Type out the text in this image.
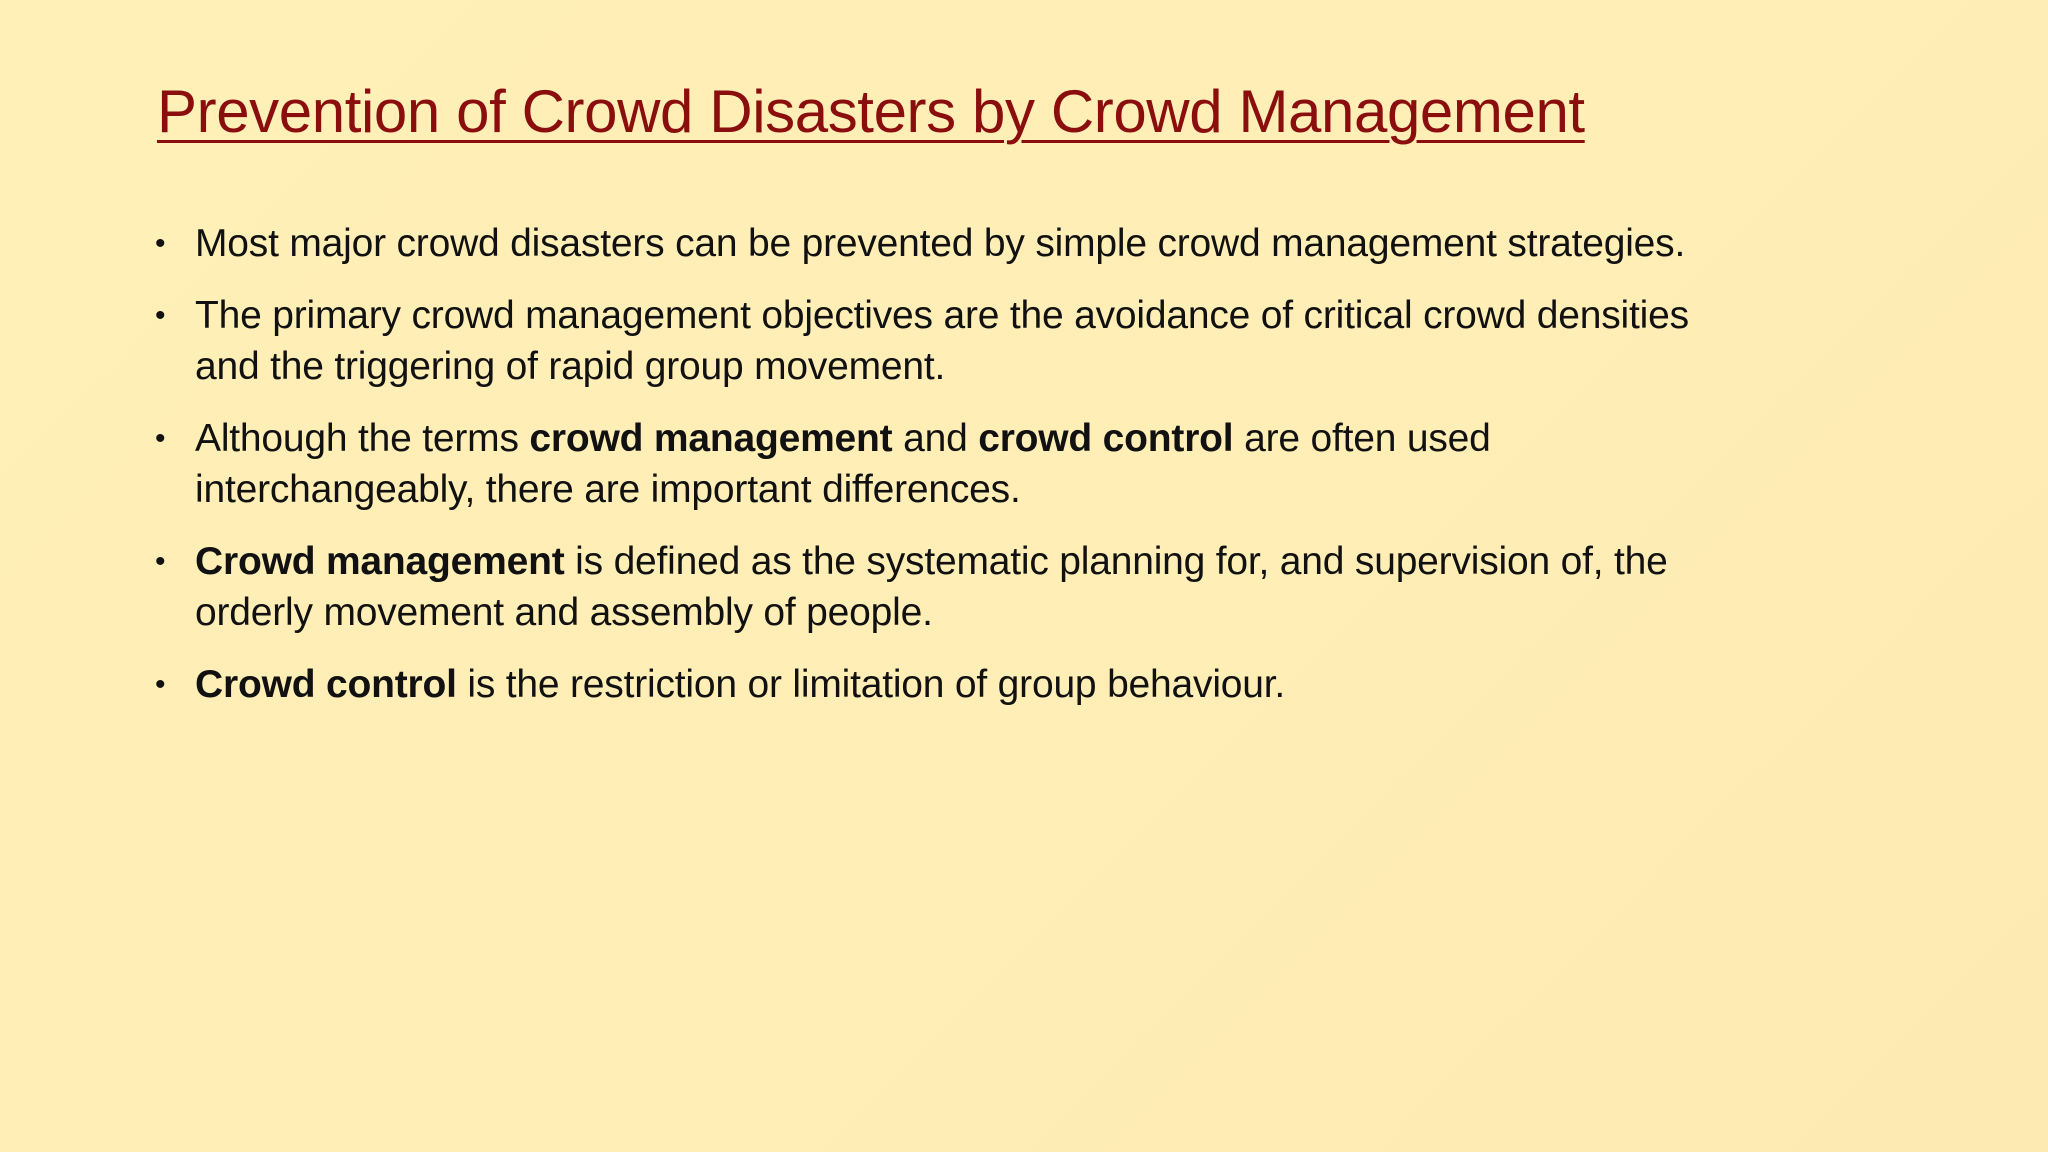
Prevention of Crowd Disasters by Crowd Management
• Most major crowd disasters can be prevented by simple crowd management strategies.
• The primary crowd management objectives are the avoidance of critical crowd densities
and the triggering of rapid group movement.
• Although the terms crowd management and crowd control are often used
interchangeably, there are important differences.
• Crowd management is defined as the systematic planning for, and supervision of, the
orderly movement and assembly of people.
• Crowd control is the restriction or limitation of group behaviour.
